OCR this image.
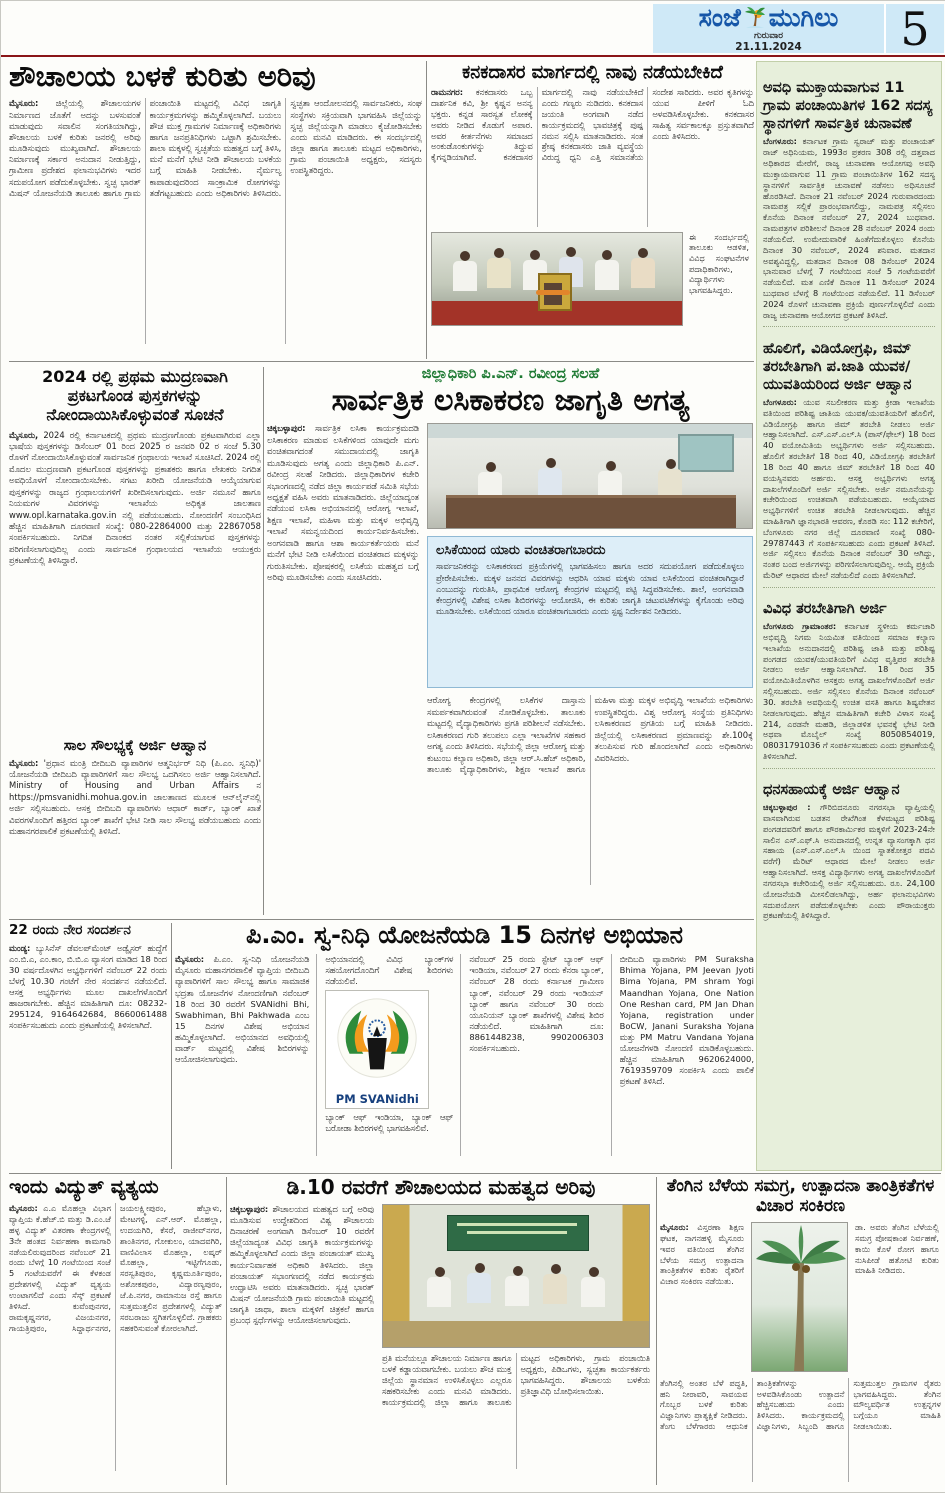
ಸಂಜೆ ಮುಗಿಲು
ಗುರುವಾರ
21.11.2024	5
ಶೌಚಾಲಯ ಬಳಕೆ ಕುರಿತು ಅರಿವು
ಮೈಸೂರು: ಜಿಲ್ಲೆಯಲ್ಲಿ ಶೌಚಾಲಯಗಳ ನಿರ್ಮಾಣದ ಜೊತೆಗೆ ಅದನ್ನು ಬಳಸುವಂತೆ ಮಾಡುವುದು ಸವಾಲಿನ ಸಂಗತಿಯಾಗಿದ್ದು, ಶೌಚಾಲಯ ಬಳಕೆ ಕುರಿತು ಜನರಲ್ಲಿ ಅರಿವು ಮೂಡಿಸುವುದು ಮುಖ್ಯವಾಗಿದೆ. ಶೌಚಾಲಯ ನಿರ್ಮಾಣಕ್ಕೆ ಸರ್ಕಾರ ಅನುದಾನ ನೀಡುತ್ತಿದ್ದು, ಗ್ರಾಮೀಣ ಪ್ರದೇಶದ ಫಲಾನುಭವಿಗಳು ಇದರ ಸದುಪಯೋಗ ಪಡೆದುಕೊಳ್ಳಬೇಕು. ಸ್ವಚ್ಛ ಭಾರತ್ ಮಿಷನ್ ಯೋಜನೆಯಡಿ ತಾಲೂಕು ಹಾಗೂ ಗ್ರಾಮ ಪಂಚಾಯಿತಿ ಮಟ್ಟದಲ್ಲಿ ವಿವಿಧ ಜಾಗೃತಿ ಕಾರ್ಯಕ್ರಮಗಳನ್ನು ಹಮ್ಮಿಕೊಳ್ಳಲಾಗಿದೆ. ಬಯಲು ಶೌಚ ಮುಕ್ತ ಗ್ರಾಮಗಳ ನಿರ್ಮಾಣಕ್ಕೆ ಅಧಿಕಾರಿಗಳು ಹಾಗೂ ಜನಪ್ರತಿನಿಧಿಗಳು ಒಟ್ಟಾಗಿ ಶ್ರಮಿಸಬೇಕು. ಶಾಲಾ ಮಕ್ಕಳಲ್ಲಿ ಸ್ವಚ್ಛತೆಯ ಮಹತ್ವದ ಬಗ್ಗೆ ತಿಳಿಸಿ, ಮನೆ ಮನೆಗೆ ಭೇಟಿ ನೀಡಿ ಶೌಚಾಲಯ ಬಳಕೆಯ ಬಗ್ಗೆ ಮಾಹಿತಿ ನೀಡಬೇಕು. ನೈರ್ಮಲ್ಯ ಕಾಪಾಡುವುದರಿಂದ ಸಾಂಕ್ರಾಮಿಕ ರೋಗಗಳನ್ನು ತಡೆಗಟ್ಟಬಹುದು ಎಂದು ಅಧಿಕಾರಿಗಳು ತಿಳಿಸಿದರು. ಸ್ವಚ್ಛತಾ ಆಂದೋಲನದಲ್ಲಿ ಸಾರ್ವಜನಿಕರು, ಸಂಘ ಸಂಸ್ಥೆಗಳು ಸಕ್ರಿಯವಾಗಿ ಭಾಗವಹಿಸಿ ಜಿಲ್ಲೆಯನ್ನು ಸ್ವಚ್ಛ ಜಿಲ್ಲೆಯನ್ನಾಗಿ ಮಾಡಲು ಕೈಜೋಡಿಸಬೇಕು ಎಂದು ಮನವಿ ಮಾಡಿದರು. ಈ ಸಂದರ್ಭದಲ್ಲಿ ಜಿಲ್ಲಾ ಹಾಗೂ ತಾಲೂಕು ಮಟ್ಟದ ಅಧಿಕಾರಿಗಳು, ಗ್ರಾಮ ಪಂಚಾಯಿತಿ ಅಧ್ಯಕ್ಷರು, ಸದಸ್ಯರು ಉಪಸ್ಥಿತರಿದ್ದರು.
ಕನಕದಾಸರ ಮಾರ್ಗದಲ್ಲಿ ನಾವು ನಡೆಯಬೇಕಿದೆ
ರಾಮನಗರ: ಕನಕದಾಸರು ಒಬ್ಬ ದಾರ್ಶನಿಕ ಕವಿ, ಶ್ರೀ ಕೃಷ್ಣನ ಅನನ್ಯ ಭಕ್ತರು. ಕನ್ನಡ ಸಾರಸ್ವತ ಲೋಕಕ್ಕೆ ಅವರು ನೀಡಿದ ಕೊಡುಗೆ ಅಪಾರ. ಅವರ ಕೀರ್ತನೆಗಳು ಸಮಾಜದ ಅಂಕುಡೊಂಕುಗಳನ್ನು ತಿದ್ದುವ ಕೈಗನ್ನಡಿಯಾಗಿವೆ. ಕನಕದಾಸರ ಮಾರ್ಗದಲ್ಲಿ ನಾವು ನಡೆಯಬೇಕಿದೆ ಎಂದು ಗಣ್ಯರು ನುಡಿದರು. ಕನಕದಾಸ ಜಯಂತಿ ಅಂಗವಾಗಿ ನಡೆದ ಕಾರ್ಯಕ್ರಮದಲ್ಲಿ ಭಾವಚಿತ್ರಕ್ಕೆ ಪುಷ್ಪ ನಮನ ಸಲ್ಲಿಸಿ ಮಾತನಾಡಿದರು. ಸಂತ ಶ್ರೇಷ್ಠ ಕನಕದಾಸರು ಜಾತಿ ವ್ಯವಸ್ಥೆಯ ವಿರುದ್ಧ ಧ್ವನಿ ಎತ್ತಿ ಸಮಾನತೆಯ ಸಂದೇಶ ಸಾರಿದರು. ಅವರ ಕೃತಿಗಳನ್ನು ಯುವ ಪೀಳಿಗೆ ಓದಿ ಅಳವಡಿಸಿಕೊಳ್ಳಬೇಕು. ಕನಕದಾಸರ ಸಾಹಿತ್ಯ ಸರ್ವಕಾಲಕ್ಕೂ ಪ್ರಸ್ತುತವಾಗಿದೆ ಎಂದು ತಿಳಿಸಿದರು.
ಈ ಸಂದರ್ಭದಲ್ಲಿ ತಾಲೂಕು ಆಡಳಿತ, ವಿವಿಧ ಸಂಘಟನೆಗಳ ಪದಾಧಿಕಾರಿಗಳು, ವಿದ್ಯಾರ್ಥಿಗಳು ಭಾಗವಹಿಸಿದ್ದರು.
2024 ರಲ್ಲಿ ಪ್ರಥಮ ಮುದ್ರಣವಾಗಿ ಪ್ರಕಟಗೊಂಡ ಪುಸ್ತಕಗಳನ್ನು ನೋಂದಾಯಿಸಿಕೊಳ್ಳುವಂತೆ ಸೂಚನೆ
ಮೈಸೂರು, 2024 ರಲ್ಲಿ ಕರ್ನಾಟಕದಲ್ಲಿ ಪ್ರಥಮ ಮುದ್ರಣಗೊಂಡು ಪ್ರಕಟವಾಗಿರುವ ಎಲ್ಲಾ ಭಾಷೆಯ ಪುಸ್ತಕಗಳನ್ನು ಡಿಸೆಂಬರ್ 01 ರಿಂದ 2025 ರ ಜನವರಿ 02 ರ ಸಂಜೆ 5.30 ರೊಳಗೆ ನೋಂದಾಯಿಸಿಕೊಳ್ಳುವಂತೆ ಸಾರ್ವಜನಿಕ ಗ್ರಂಥಾಲಯ ಇಲಾಖೆ ಸೂಚಿಸಿದೆ. 2024 ರಲ್ಲಿ ಮೊದಲ ಮುದ್ರಣವಾಗಿ ಪ್ರಕಟಗೊಂಡ ಪುಸ್ತಕಗಳನ್ನು ಪ್ರಕಾಶಕರು ಹಾಗೂ ಲೇಖಕರು ನಿಗದಿತ ಅವಧಿಯೊಳಗೆ ನೋಂದಾಯಿಸಬೇಕು. ಸಗಟು ಖರೀದಿ ಯೋಜನೆಯಡಿ ಆಯ್ಕೆಯಾಗುವ ಪುಸ್ತಕಗಳನ್ನು ರಾಜ್ಯದ ಗ್ರಂಥಾಲಯಗಳಿಗೆ ಖರೀದಿಸಲಾಗುವುದು. ಅರ್ಜಿ ನಮೂನೆ ಹಾಗೂ ನಿಯಮಗಳ ವಿವರಗಳನ್ನು ಇಲಾಖೆಯ ಅಧಿಕೃತ ಜಾಲತಾಣ www.opl.karnataka.gov.in ನಲ್ಲಿ ಪಡೆಯಬಹುದು. ನೋಂದಣಿಗೆ ಸಂಬಂಧಿಸಿದ ಹೆಚ್ಚಿನ ಮಾಹಿತಿಗಾಗಿ ದೂರವಾಣಿ ಸಂಖ್ಯೆ: 080-22864000 ಮತ್ತು 22867058 ಸಂಪರ್ಕಿಸಬಹುದು. ನಿಗದಿತ ದಿನಾಂಕದ ನಂತರ ಸಲ್ಲಿಕೆಯಾಗುವ ಪುಸ್ತಕಗಳನ್ನು ಪರಿಗಣಿಸಲಾಗುವುದಿಲ್ಲ ಎಂದು ಸಾರ್ವಜನಿಕ ಗ್ರಂಥಾಲಯದ ಇಲಾಖೆಯ ಆಯುಕ್ತರು ಪ್ರಕಟಣೆಯಲ್ಲಿ ತಿಳಿಸಿದ್ದಾರೆ.
ಸಾಲ ಸೌಲಭ್ಯಕ್ಕೆ ಅರ್ಜಿ ಆಹ್ವಾನ
ಮೈಸೂರು: 'ಪ್ರಧಾನ ಮಂತ್ರಿ ಬೀದಿಬದಿ ವ್ಯಾಪಾರಿಗಳ ಆತ್ಮನಿರ್ಭರ್ ನಿಧಿ (ಪಿ.ಎಂ. ಸ್ವನಿಧಿ)' ಯೋಜನೆಯಡಿ ಬೀದಿಬದಿ ವ್ಯಾಪಾರಿಗಳಿಗೆ ಸಾಲ ಸೌಲಭ್ಯ ಒದಗಿಸಲು ಅರ್ಜಿ ಆಹ್ವಾನಿಸಲಾಗಿದೆ. Ministry of Housing and Urban Affairs ನ https://pmsvanidhi.mohua.gov.in ಜಾಲತಾಣದ ಮೂಲಕ ಆನ್‌ಲೈನ್‌ನಲ್ಲಿ ಅರ್ಜಿ ಸಲ್ಲಿಸಬಹುದು. ಆಸಕ್ತ ಬೀದಿಬದಿ ವ್ಯಾಪಾರಿಗಳು ಆಧಾರ್ ಕಾರ್ಡ್, ಬ್ಯಾಂಕ್ ಖಾತೆ ವಿವರಗಳೊಂದಿಗೆ ಹತ್ತಿರದ ಬ್ಯಾಂಕ್ ಶಾಖೆಗೆ ಭೇಟಿ ನೀಡಿ ಸಾಲ ಸೌಲಭ್ಯ ಪಡೆಯಬಹುದು ಎಂದು ಮಹಾನಗರಪಾಲಿಕೆ ಪ್ರಕಟಣೆಯಲ್ಲಿ ತಿಳಿಸಿದೆ.
ಜಿಲ್ಲಾಧಿಕಾರಿ ಪಿ.ಎನ್. ರವೀಂದ್ರ ಸಲಹೆ
ಸಾರ್ವತ್ರಿಕ ಲಸಿಕಾಕರಣ ಜಾಗೃತಿ ಅಗತ್ಯ
ಚಿಕ್ಕಬಳ್ಳಾಪುರ: ಸಾರ್ವತ್ರಿಕ ಲಸಿಕಾ ಕಾರ್ಯಕ್ರಮದಡಿ ಲಸಿಕಾಕರಣ ಮಾಡುವ ಲಸಿಕೆಗಳಿಂದ ಯಾವುದೇ ಮಗು ವಂಚಿತವಾಗದಂತೆ ಸಮುದಾಯದಲ್ಲಿ ಜಾಗೃತಿ ಮೂಡಿಸುವುದು ಅಗತ್ಯ ಎಂದು ಜಿಲ್ಲಾಧಿಕಾರಿ ಪಿ.ಎನ್. ರವೀಂದ್ರ ಸಲಹೆ ನೀಡಿದರು. ಜಿಲ್ಲಾಧಿಕಾರಿಗಳ ಕಚೇರಿ ಸಭಾಂಗಣದಲ್ಲಿ ನಡೆದ ಜಿಲ್ಲಾ ಕಾರ್ಯಪಡೆ ಸಮಿತಿ ಸಭೆಯ ಅಧ್ಯಕ್ಷತೆ ವಹಿಸಿ ಅವರು ಮಾತನಾಡಿದರು. ಜಿಲ್ಲೆಯಾದ್ಯಂತ ನಡೆಯುವ ಲಸಿಕಾ ಅಭಿಯಾನದಲ್ಲಿ ಆರೋಗ್ಯ ಇಲಾಖೆ, ಶಿಕ್ಷಣ ಇಲಾಖೆ, ಮಹಿಳಾ ಮತ್ತು ಮಕ್ಕಳ ಅಭಿವೃದ್ಧಿ ಇಲಾಖೆ ಸಮನ್ವಯದಿಂದ ಕಾರ್ಯನಿರ್ವಹಿಸಬೇಕು. ಅಂಗನವಾಡಿ ಹಾಗೂ ಆಶಾ ಕಾರ್ಯಕರ್ತೆಯರು ಮನೆ ಮನೆಗೆ ಭೇಟಿ ನೀಡಿ ಲಸಿಕೆಯಿಂದ ವಂಚಿತರಾದ ಮಕ್ಕಳನ್ನು ಗುರುತಿಸಬೇಕು. ಪೋಷಕರಲ್ಲಿ ಲಸಿಕೆಯ ಮಹತ್ವದ ಬಗ್ಗೆ ಅರಿವು ಮೂಡಿಸಬೇಕು ಎಂದು ಸೂಚಿಸಿದರು.
ಲಸಿಕೆಯಿಂದ ಯಾರು ವಂಚಿತರಾಗಬಾರದು
ಸಾರ್ವಜನಿಕರನ್ನು ಲಸಿಕಾಕರಣದ ಪ್ರಕ್ರಿಯೆಗಳಲ್ಲಿ ಭಾಗವಹಿಸಲು ಹಾಗೂ ಅದರ ಸದುಪಯೋಗ ಪಡೆದುಕೊಳ್ಳಲು ಪ್ರೇರೇಪಿಸಬೇಕು. ಮಕ್ಕಳ ಜನನದ ವಿವರಗಳನ್ನು ಆಧರಿಸಿ ಯಾವ ಮಕ್ಕಳು ಯಾವ ಲಸಿಕೆಯಿಂದ ವಂಚಿತರಾಗಿದ್ದಾರೆ ಎಂಬುದನ್ನು ಗುರುತಿಸಿ, ಪ್ರಾಥಮಿಕ ಆರೋಗ್ಯ ಕೇಂದ್ರಗಳ ಮಟ್ಟದಲ್ಲಿ ಪಟ್ಟಿ ಸಿದ್ಧಪಡಿಸಬೇಕು. ಶಾಲೆ, ಅಂಗನವಾಡಿ ಕೇಂದ್ರಗಳಲ್ಲಿ ವಿಶೇಷ ಲಸಿಕಾ ಶಿಬಿರಗಳನ್ನು ಆಯೋಜಿಸಿ, ಈ ಕುರಿತು ಜಾಗೃತಿ ಚಟುವಟಿಕೆಗಳನ್ನು ಕೈಗೊಂಡು ಅರಿವು ಮೂಡಿಸಬೇಕು. ಲಸಿಕೆಯಿಂದ ಯಾರೂ ವಂಚಿತರಾಗಬಾರದು ಎಂದು ಸ್ಪಷ್ಟ ನಿರ್ದೇಶನ ನೀಡಿದರು.
ಆರೋಗ್ಯ ಕೇಂದ್ರಗಳಲ್ಲಿ ಲಸಿಕೆಗಳ ದಾಸ್ತಾನು ಸಮರ್ಪಕವಾಗಿರುವಂತೆ ನೋಡಿಕೊಳ್ಳಬೇಕು. ತಾಲೂಕು ಮಟ್ಟದಲ್ಲಿ ವೈದ್ಯಾಧಿಕಾರಿಗಳು ಪ್ರಗತಿ ಪರಿಶೀಲನೆ ನಡೆಸಬೇಕು. ಲಸಿಕಾಕರಣದ ಗುರಿ ತಲುಪಲು ಎಲ್ಲಾ ಇಲಾಖೆಗಳ ಸಹಕಾರ ಅಗತ್ಯ ಎಂದು ತಿಳಿಸಿದರು. ಸಭೆಯಲ್ಲಿ ಜಿಲ್ಲಾ ಆರೋಗ್ಯ ಮತ್ತು ಕುಟುಂಬ ಕಲ್ಯಾಣ ಅಧಿಕಾರಿ, ಜಿಲ್ಲಾ ಆರ್.ಸಿ.ಹೆಚ್ ಅಧಿಕಾರಿ, ತಾಲೂಕು ವೈದ್ಯಾಧಿಕಾರಿಗಳು, ಶಿಕ್ಷಣ ಇಲಾಖೆ ಹಾಗೂ ಮಹಿಳಾ ಮತ್ತು ಮಕ್ಕಳ ಅಭಿವೃದ್ಧಿ ಇಲಾಖೆಯ ಅಧಿಕಾರಿಗಳು ಉಪಸ್ಥಿತರಿದ್ದರು. ವಿಶ್ವ ಆರೋಗ್ಯ ಸಂಸ್ಥೆಯ ಪ್ರತಿನಿಧಿಗಳು ಲಸಿಕಾಕರಣದ ಪ್ರಗತಿಯ ಬಗ್ಗೆ ಮಾಹಿತಿ ನೀಡಿದರು. ಜಿಲ್ಲೆಯಲ್ಲಿ ಲಸಿಕಾಕರಣದ ಪ್ರಮಾಣವನ್ನು ಶೇ.100ಕ್ಕೆ ತಲುಪಿಸುವ ಗುರಿ ಹೊಂದಲಾಗಿದೆ ಎಂದು ಅಧಿಕಾರಿಗಳು ವಿವರಿಸಿದರು.
22 ರಂದು ನೇರ ಸಂದರ್ಶನ
ಮಂಡ್ಯ: ಬ್ಯುಸಿನೆಸ್ ಡೆವಲಪ್‌ಮೆಂಟ್ ಅಡ್ವೈಸರ್ ಹುದ್ದೆಗೆ ಎಂ.ಬಿ.ಎ, ಎಂ.ಕಾಂ, ಬಿ.ಬಿ.ಎ ವ್ಯಾಸಂಗ ಮಾಡಿದ 18 ರಿಂದ 30 ವರ್ಷದೊಳಗಿನ ಅಭ್ಯರ್ಥಿಗಳಿಗೆ ನವೆಂಬರ್ 22 ರಂದು ಬೆಳಗ್ಗೆ 10.30 ಗಂಟೆಗೆ ನೇರ ಸಂದರ್ಶನ ನಡೆಯಲಿದೆ. ಆಸಕ್ತ ಅಭ್ಯರ್ಥಿಗಳು ಮೂಲ ದಾಖಲೆಗಳೊಂದಿಗೆ ಹಾಜರಾಗಬೇಕು. ಹೆಚ್ಚಿನ ಮಾಹಿತಿಗಾಗಿ ದೂ: 08232-295124, 9164642684, 8660061488 ಸಂಪರ್ಕಿಸಬಹುದು ಎಂದು ಪ್ರಕಟಣೆಯಲ್ಲಿ ತಿಳಿಸಲಾಗಿದೆ.
ಪಿ.ಎಂ. ಸ್ವ-ನಿಧಿ ಯೋಜನೆಯಡಿ 15 ದಿನಗಳ ಅಭಿಯಾನ
ಮೈಸೂರು: ಪಿ.ಎಂ. ಸ್ವ-ನಿಧಿ ಯೋಜನೆಯಡಿ ಮೈಸೂರು ಮಹಾನಗರಪಾಲಿಕೆ ವ್ಯಾಪ್ತಿಯ ಬೀದಿಬದಿ ವ್ಯಾಪಾರಿಗಳಿಗೆ ಸಾಲ ಸೌಲಭ್ಯ ಹಾಗೂ ಸಾಮಾಜಿಕ ಭದ್ರತಾ ಯೋಜನೆಗಳ ನೋಂದಣಿಗಾಗಿ ನವೆಂಬರ್ 18 ರಿಂದ 30 ರವರೆಗೆ SVANidhi Bhi, Swabhiman, Bhi Pakhwada ಎಂಬ 15 ದಿನಗಳ ವಿಶೇಷ ಅಭಿಯಾನ ಹಮ್ಮಿಕೊಳ್ಳಲಾಗಿದೆ. ಅಭಿಯಾನದ ಅವಧಿಯಲ್ಲಿ ವಾರ್ಡ್ ಮಟ್ಟದಲ್ಲಿ ವಿಶೇಷ ಶಿಬಿರಗಳನ್ನು ಆಯೋಜಿಸಲಾಗುವುದು.
ಅಭಿಯಾನದಲ್ಲಿ ವಿವಿಧ ಬ್ಯಾಂಕ್‌ಗಳ ಸಹಯೋಗದೊಂದಿಗೆ ವಿಶೇಷ ಶಿಬಿರಗಳು ನಡೆಯಲಿವೆ.
PM SVANidhi
ಬ್ಯಾಂಕ್ ಆಫ್ ಇಂಡಿಯಾ, ಬ್ಯಾಂಕ್ ಆಫ್ ಬರೋಡಾ ಶಿಬಿರಗಳಲ್ಲಿ ಭಾಗವಹಿಸಲಿವೆ.
ನವೆಂಬರ್ 25 ರಂದು ಸ್ಟೇಟ್ ಬ್ಯಾಂಕ್ ಆಫ್ ಇಂಡಿಯಾ, ನವೆಂಬರ್ 27 ರಂದು ಕೆನರಾ ಬ್ಯಾಂಕ್, ನವೆಂಬರ್ 28 ರಂದು ಕರ್ನಾಟಕ ಗ್ರಾಮೀಣ ಬ್ಯಾಂಕ್, ನವೆಂಬರ್ 29 ರಂದು ಇಂಡಿಯನ್ ಬ್ಯಾಂಕ್ ಹಾಗೂ ನವೆಂಬರ್ 30 ರಂದು ಯೂನಿಯನ್ ಬ್ಯಾಂಕ್ ಶಾಖೆಗಳಲ್ಲಿ ವಿಶೇಷ ಶಿಬಿರ ನಡೆಯಲಿದೆ. ಮಾಹಿತಿಗಾಗಿ ದೂ: 8861448238, 9902006303 ಸಂಪರ್ಕಿಸಬಹುದು.
ಬೀದಿಬದಿ ವ್ಯಾಪಾರಿಗಳು PM Suraksha Bhima Yojana, PM Jeevan Jyoti Bima Yojana, PM shram Yogi Maandhan Yojana, One Nation One Reshan card, PM Jan Dhan Yojana, registration under BoCW, Janani Suraksha Yojana ಮತ್ತು PM Matru Vandana Yojana ಯೋಜನೆಗಳಡಿ ನೋಂದಣಿ ಮಾಡಿಕೊಳ್ಳಬಹುದು. ಹೆಚ್ಚಿನ ಮಾಹಿತಿಗಾಗಿ 9620624000, 7619359709 ಸಂಪರ್ಕಿಸಿ ಎಂದು ಪಾಲಿಕೆ ಪ್ರಕಟಣೆ ತಿಳಿಸಿದೆ.
ಅವಧಿ ಮುಕ್ತಾಯವಾಗುವ 11 ಗ್ರಾಮ ಪಂಚಾಯಿತಿಗಳ 162 ಸದಸ್ಯ ಸ್ಥಾನಗಳಿಗೆ ಸಾರ್ವತ್ರಿಕ ಚುನಾವಣೆ
ಬೆಂಗಳೂರು: ಕರ್ನಾಟಕ ಗ್ರಾಮ ಸ್ವರಾಜ್ ಮತ್ತು ಪಂಚಾಯತ್ ರಾಜ್ ಅಧಿನಿಯಮ, 1993ರ ಪ್ರಕರಣ 308 ರಲ್ಲಿ ದತ್ತವಾದ ಅಧಿಕಾರದ ಮೇರೆಗೆ, ರಾಜ್ಯ ಚುನಾವಣಾ ಆಯೋಗವು ಅವಧಿ ಮುಕ್ತಾಯವಾಗುವ 11 ಗ್ರಾಮ ಪಂಚಾಯಿತಿಗಳ 162 ಸದಸ್ಯ ಸ್ಥಾನಗಳಿಗೆ ಸಾರ್ವತ್ರಿಕ ಚುನಾವಣೆ ನಡೆಸಲು ಅಧಿಸೂಚನೆ ಹೊರಡಿಸಿದೆ. ದಿನಾಂಕ 21 ನವೆಂಬರ್ 2024 ಗುರುವಾರದಂದು ನಾಮಪತ್ರ ಸಲ್ಲಿಕೆ ಪ್ರಾರಂಭವಾಗಲಿದ್ದು, ನಾಮಪತ್ರ ಸಲ್ಲಿಸಲು ಕೊನೆಯ ದಿನಾಂಕ ನವೆಂಬರ್ 27, 2024 ಬುಧವಾರ. ನಾಮಪತ್ರಗಳ ಪರಿಶೀಲನೆ ದಿನಾಂಕ 28 ನವೆಂಬರ್ 2024 ರಂದು ನಡೆಯಲಿದೆ. ಉಮೇದುವಾರಿಕೆ ಹಿಂತೆಗೆದುಕೊಳ್ಳಲು ಕೊನೆಯ ದಿನಾಂಕ 30 ನವೆಂಬರ್, 2024 ಶನಿವಾರ. ಮತದಾನ ಅವಶ್ಯವಿದ್ದಲ್ಲಿ, ಮತದಾನ ದಿನಾಂಕ 08 ಡಿಸೆಂಬರ್ 2024 ಭಾನುವಾರ ಬೆಳಗ್ಗೆ 7 ಗಂಟೆಯಿಂದ ಸಂಜೆ 5 ಗಂಟೆಯವರೆಗೆ ನಡೆಯಲಿದೆ. ಮತ ಎಣಿಕೆ ದಿನಾಂಕ 11 ಡಿಸೆಂಬರ್ 2024 ಬುಧವಾರ ಬೆಳಗ್ಗೆ 8 ಗಂಟೆಯಿಂದ ನಡೆಯಲಿದೆ. 11 ಡಿಸೆಂಬರ್ 2024 ರೊಳಗೆ ಚುನಾವಣಾ ಪ್ರಕ್ರಿಯೆ ಪೂರ್ಣಗೊಳ್ಳಲಿದೆ ಎಂದು ರಾಜ್ಯ ಚುನಾವಣಾ ಆಯೋಗದ ಪ್ರಕಟಣೆ ತಿಳಿಸಿದೆ.
ಹೊಲಿಗೆ, ವಿಡಿಯೋಗ್ರಫಿ, ಜಿಮ್ ತರಬೇತಿಗಾಗಿ ಪ.ಜಾತಿ ಯುವಕ/ಯುವತಿಯರಿಂದ ಅರ್ಜಿ ಆಹ್ವಾನ
ಬೆಂಗಳೂರು: ಯುವ ಸಬಲೀಕರಣ ಮತ್ತು ಕ್ರೀಡಾ ಇಲಾಖೆಯ ವತಿಯಿಂದ ಪರಿಶಿಷ್ಟ ಜಾತಿಯ ಯುವಕ/ಯುವತಿಯರಿಗೆ ಹೊಲಿಗೆ, ವಿಡಿಯೋಗ್ರಫಿ ಹಾಗೂ ಜಿಮ್ ತರಬೇತಿ ನೀಡಲು ಅರ್ಜಿ ಆಹ್ವಾನಿಸಲಾಗಿದೆ. ಎಸ್.ಎಸ್.ಎಲ್.ಸಿ (ಪಾಸ್/ಫೇಲ್) 18 ರಿಂದ 40 ವಯೋಮಿತಿಯ ಅಭ್ಯರ್ಥಿಗಳು ಅರ್ಜಿ ಸಲ್ಲಿಸಬಹುದು. ಹೊಲಿಗೆ ತರಬೇತಿಗೆ 18 ರಿಂದ 40, ವಿಡಿಯೋಗ್ರಫಿ ತರಬೇತಿಗೆ 18 ರಿಂದ 40 ಹಾಗೂ ಜಿಮ್ ತರಬೇತಿಗೆ 18 ರಿಂದ 40 ವಯಸ್ಸಿನವರು ಅರ್ಹರು. ಆಸಕ್ತ ಅಭ್ಯರ್ಥಿಗಳು ಅಗತ್ಯ ದಾಖಲೆಗಳೊಂದಿಗೆ ಅರ್ಜಿ ಸಲ್ಲಿಸಬೇಕು. ಅರ್ಜಿ ನಮೂನೆಯನ್ನು ಕಚೇರಿಯಿಂದ ಉಚಿತವಾಗಿ ಪಡೆಯಬಹುದು. ಆಯ್ಕೆಯಾದ ಅಭ್ಯರ್ಥಿಗಳಿಗೆ ಉಚಿತ ತರಬೇತಿ ನೀಡಲಾಗುವುದು. ಹೆಚ್ಚಿನ ಮಾಹಿತಿಗಾಗಿ ಜ್ಞಾನಭಾರತಿ ಆವರಣ, ಕೊಠಡಿ ಸಂ: 112 ಕಚೇರಿಗೆ, ಬೆಂಗಳೂರು ನಗರ ಜಿಲ್ಲೆ ದೂರವಾಣಿ ಸಂಖ್ಯೆ 080-29787443 ಗೆ ಸಂಪರ್ಕಿಸಬಹುದು ಎಂದು ಪ್ರಕಟಣೆ ತಿಳಿಸಿದೆ. ಅರ್ಜಿ ಸಲ್ಲಿಸಲು ಕೊನೆಯ ದಿನಾಂಕ ನವೆಂಬರ್ 30 ಆಗಿದ್ದು, ನಂತರ ಬಂದ ಅರ್ಜಿಗಳನ್ನು ಪರಿಗಣಿಸಲಾಗುವುದಿಲ್ಲ. ಆಯ್ಕೆ ಪ್ರಕ್ರಿಯೆ ಮೆರಿಟ್ ಆಧಾರದ ಮೇಲೆ ನಡೆಯಲಿದೆ ಎಂದು ತಿಳಿಸಲಾಗಿದೆ.
ವಿವಿಧ ತರಬೇತಿಗಾಗಿ ಅರ್ಜಿ
ಬೆಂಗಳೂರು ಗ್ರಾಮಾಂತರ: ಕರ್ನಾಟಕ ಸ್ಥಳೀಯ ಕರ್ಮಚಾರಿ ಅಭಿವೃದ್ಧಿ ನಿಗಮ ನಿಯಮಿತ ವತಿಯಿಂದ ಸಮಾಜ ಕಲ್ಯಾಣ ಇಲಾಖೆಯ ಅನುದಾನದಲ್ಲಿ ಪರಿಶಿಷ್ಟ ಜಾತಿ ಮತ್ತು ಪರಿಶಿಷ್ಟ ಪಂಗಡದ ಯುವಕ/ಯುವತಿಯರಿಗೆ ವಿವಿಧ ವೃತ್ತಿಪರ ತರಬೇತಿ ನೀಡಲು ಅರ್ಜಿ ಆಹ್ವಾನಿಸಲಾಗಿದೆ. 18 ರಿಂದ 35 ವಯೋಮಿತಿಯೊಳಗಿನ ಆಸಕ್ತರು ಅಗತ್ಯ ದಾಖಲೆಗಳೊಂದಿಗೆ ಅರ್ಜಿ ಸಲ್ಲಿಸಬಹುದು. ಅರ್ಜಿ ಸಲ್ಲಿಸಲು ಕೊನೆಯ ದಿನಾಂಕ ನವೆಂಬರ್ 30. ತರಬೇತಿ ಅವಧಿಯಲ್ಲಿ ಉಚಿತ ವಸತಿ ಹಾಗೂ ಶಿಷ್ಯವೇತನ ನೀಡಲಾಗುವುದು. ಹೆಚ್ಚಿನ ಮಾಹಿತಿಗಾಗಿ ಕಚೇರಿ ವಿಳಾಸ ಸಂಖ್ಯೆ 214, ಎರಡನೇ ಮಹಡಿ, ಜಿಲ್ಲಾಡಳಿತ ಭವನಕ್ಕೆ ಭೇಟಿ ನೀಡಿ ಅಥವಾ ಮೊಬೈಲ್ ಸಂಖ್ಯೆ 8050854019, 08031791036 ಗೆ ಸಂಪರ್ಕಿಸಬಹುದು ಎಂದು ಪ್ರಕಟಣೆಯಲ್ಲಿ ತಿಳಿಸಲಾಗಿದೆ.
ಧನಸಹಾಯಕ್ಕೆ ಅರ್ಜಿ ಆಹ್ವಾನ
ಚಿಕ್ಕಬಳ್ಳಾಪುರ : ಗೌರಿಬಿದನೂರು ನಗರಸಭಾ ವ್ಯಾಪ್ತಿಯಲ್ಲಿ ವಾಸವಾಗಿರುವ ಬಡತನ ರೇಖೆಗಿಂತ ಕೆಳಮಟ್ಟದ ಪರಿಶಿಷ್ಟ ಪಂಗಡದವರಿಗೆ ಹಾಗೂ ಪೌರಕಾರ್ಮಿಕರ ಮಕ್ಕಳಿಗೆ 2023-24ನೇ ಸಾಲಿನ ಎಸ್.ಎಫ್.ಸಿ ಅನುದಾನದಲ್ಲಿ ಉನ್ನತ ವ್ಯಾಸಂಗಕ್ಕಾಗಿ ಧನ ಸಹಾಯ (ಎಸ್.ಎಸ್.ಎಲ್.ಸಿ ಯಿಂದ ಸ್ನಾತಕೋತ್ತರ ಪದವಿ ವರೆಗೆ) ಮೆರಿಟ್ ಆಧಾರದ ಮೇಲೆ ನೀಡಲು ಅರ್ಜಿ ಆಹ್ವಾನಿಸಲಾಗಿದೆ. ಆಸಕ್ತ ವಿದ್ಯಾರ್ಥಿಗಳು ಅಗತ್ಯ ದಾಖಲೆಗಳೊಂದಿಗೆ ನಗರಸಭಾ ಕಚೇರಿಯಲ್ಲಿ ಅರ್ಜಿ ಸಲ್ಲಿಸಬಹುದು. ರೂ. 24,100 ಯೋಜನೆಯಡಿ ಮೀಸಲಿಡಲಾಗಿದ್ದು, ಅರ್ಹ ಫಲಾನುಭವಿಗಳು ಸದುಪಯೋಗ ಪಡೆದುಕೊಳ್ಳಬೇಕು ಎಂದು ಪೌರಾಯುಕ್ತರು ಪ್ರಕಟಣೆಯಲ್ಲಿ ತಿಳಿಸಿದ್ದಾರೆ.
ಇಂದು ವಿದ್ಯುತ್ ವ್ಯತ್ಯಯ
ಮೈಸೂರು: ಎ.ಎ ಮೊಹಲ್ಲಾ ವಿಭಾಗ ವ್ಯಾಪ್ತಿಯ ಕೆ.ಹೆಚ್.ಬಿ ಮತ್ತು ಡಿ.ಎಂ.ಜೆ ಹಳ್ಳ ವಿದ್ಯುತ್ ವಿತರಣಾ ಕೇಂದ್ರಗಳಲ್ಲಿ 3ನೇ ಹಂತದ ನಿರ್ವಹಣಾ ಕಾಮಗಾರಿ ನಡೆಯಲಿರುವುದರಿಂದ ನವೆಂಬರ್ 21 ರಂದು ಬೆಳಗ್ಗೆ 10 ಗಂಟೆಯಿಂದ ಸಂಜೆ 5 ಗಂಟೆಯವರೆಗೆ ಈ ಕೆಳಕಂಡ ಪ್ರದೇಶಗಳಲ್ಲಿ ವಿದ್ಯುತ್ ವ್ಯತ್ಯಯ ಉಂಟಾಗಲಿದೆ ಎಂದು ಸೆಸ್ಕ್ ಪ್ರಕಟಣೆ ತಿಳಿಸಿದೆ. ಕುವೆಂಪುನಗರ, ರಾಮಕೃಷ್ಣನಗರ, ವಿಜಯನಗರ, ಗಾಯತ್ರಿಪುರಂ, ಸಿದ್ದಾರ್ಥನಗರ, ಜಯಲಕ್ಷ್ಮೀಪುರಂ, ಹೆಬ್ಬಾಳು, ಮೇಟಗಳ್ಳಿ, ಎನ್.ಆರ್. ಮೊಹಲ್ಲಾ, ಉದಯಗಿರಿ, ಕೆಸರೆ, ರಾಜೀವ್‌ನಗರ, ಶಾಂತಿನಗರ, ಗೋಕುಲಂ, ಯಾದವಗಿರಿ, ವಾಣಿವಿಲಾಸ ಮೊಹಲ್ಲಾ, ಲಷ್ಕರ್ ಮೊಹಲ್ಲಾ, ಇಟ್ಟಿಗೆಗೂಡು, ಸರಸ್ವತಿಪುರಂ, ಕೃಷ್ಣಮೂರ್ತಿಪುರಂ, ಅಶೋಕಪುರಂ, ವಿದ್ಯಾರಣ್ಯಪುರಂ, ಜೆ.ಪಿ.ನಗರ, ರಾಮಾನುಜ ರಸ್ತೆ ಹಾಗೂ ಸುತ್ತಮುತ್ತಲಿನ ಪ್ರದೇಶಗಳಲ್ಲಿ ವಿದ್ಯುತ್ ಸರಬರಾಜು ಸ್ಥಗಿತಗೊಳ್ಳಲಿದೆ. ಗ್ರಾಹಕರು ಸಹಕರಿಸುವಂತೆ ಕೋರಲಾಗಿದೆ.
ಡಿ.10 ರವರೆಗೆ ಶೌಚಾಲಯದ ಮಹತ್ವದ ಅರಿವು
ಚಿಕ್ಕಬಳ್ಳಾಪುರ: ಶೌಚಾಲಯದ ಮಹತ್ವದ ಬಗ್ಗೆ ಅರಿವು ಮೂಡಿಸುವ ಉದ್ದೇಶದಿಂದ ವಿಶ್ವ ಶೌಚಾಲಯ ದಿನಾಚರಣೆ ಅಂಗವಾಗಿ ಡಿಸೆಂಬರ್ 10 ರವರೆಗೆ ಜಿಲ್ಲೆಯಾದ್ಯಂತ ವಿವಿಧ ಜಾಗೃತಿ ಕಾರ್ಯಕ್ರಮಗಳನ್ನು ಹಮ್ಮಿಕೊಳ್ಳಲಾಗಿದೆ ಎಂದು ಜಿಲ್ಲಾ ಪಂಚಾಯತ್ ಮುಖ್ಯ ಕಾರ್ಯನಿರ್ವಾಹಕ ಅಧಿಕಾರಿ ತಿಳಿಸಿದರು. ಜಿಲ್ಲಾ ಪಂಚಾಯತ್ ಸಭಾಂಗಣದಲ್ಲಿ ನಡೆದ ಕಾರ್ಯಕ್ರಮ ಉದ್ಘಾಟಿಸಿ ಅವರು ಮಾತನಾಡಿದರು. ಸ್ವಚ್ಛ ಭಾರತ್ ಮಿಷನ್ ಯೋಜನೆಯಡಿ ಗ್ರಾಮ ಪಂಚಾಯಿತಿ ಮಟ್ಟದಲ್ಲಿ ಜಾಗೃತಿ ಜಾಥಾ, ಶಾಲಾ ಮಕ್ಕಳಿಗೆ ಚಿತ್ರಕಲೆ ಹಾಗೂ ಪ್ರಬಂಧ ಸ್ಪರ್ಧೆಗಳನ್ನು ಆಯೋಜಿಸಲಾಗುವುದು.
ಪ್ರತಿ ಮನೆಯಲ್ಲೂ ಶೌಚಾಲಯ ನಿರ್ಮಾಣ ಹಾಗೂ ಬಳಕೆ ಕಡ್ಡಾಯವಾಗಬೇಕು. ಬಯಲು ಶೌಚ ಮುಕ್ತ ಜಿಲ್ಲೆಯ ಸ್ಥಾನಮಾನ ಉಳಿಸಿಕೊಳ್ಳಲು ಎಲ್ಲರೂ ಸಹಕರಿಸಬೇಕು ಎಂದು ಮನವಿ ಮಾಡಿದರು. ಕಾರ್ಯಕ್ರಮದಲ್ಲಿ ಜಿಲ್ಲಾ ಹಾಗೂ ತಾಲೂಕು ಮಟ್ಟದ ಅಧಿಕಾರಿಗಳು, ಗ್ರಾಮ ಪಂಚಾಯಿತಿ ಅಧ್ಯಕ್ಷರು, ಪಿಡಿಒಗಳು, ಸ್ವಚ್ಛತಾ ಕಾರ್ಯಕರ್ತರು ಭಾಗವಹಿಸಿದ್ದರು. ಶೌಚಾಲಯ ಬಳಕೆಯ ಪ್ರತಿಜ್ಞಾವಿಧಿ ಬೋಧಿಸಲಾಯಿತು.
ತೆಂಗಿನ ಬೆಳೆಯ ಸಮಗ್ರ, ಉತ್ಪಾದನಾ ತಾಂತ್ರಿಕತೆಗಳ ವಿಚಾರ ಸಂಕಿರಣ
ಮೈಸೂರು: ವಿಸ್ತರಣಾ ಶಿಕ್ಷಣ ಘಟಕ, ನಾಗನಹಳ್ಳಿ ಮೈಸೂರು ಇವರ ವತಿಯಿಂದ ತೆಂಗಿನ ಬೆಳೆಯ ಸಮಗ್ರ ಉತ್ಪಾದನಾ ತಾಂತ್ರಿಕತೆಗಳ ಕುರಿತು ರೈತರಿಗೆ ವಿಚಾರ ಸಂಕಿರಣ ನಡೆಯಿತು.
ಡಾ. ಅವರು ತೆಂಗಿನ ಬೆಳೆಯಲ್ಲಿ ಸಮಗ್ರ ಪೋಷಕಾಂಶ ನಿರ್ವಹಣೆ, ಕಾಯಿ ಕೊಳೆ ರೋಗ ಹಾಗೂ ನುಸಿಪೀಡೆ ಹತೋಟಿ ಕುರಿತು ಮಾಹಿತಿ ನೀಡಿದರು.
ತೆಂಗಿನಲ್ಲಿ ಅಂತರ ಬೆಳೆ ಪದ್ಧತಿ, ಹನಿ ನೀರಾವರಿ, ಸಾವಯವ ಗೊಬ್ಬರ ಬಳಕೆ ಕುರಿತು ವಿಜ್ಞಾನಿಗಳು ಪ್ರಾತ್ಯಕ್ಷಿಕೆ ನೀಡಿದರು. ತೆಂಗು ಬೆಳೆಗಾರರು ಆಧುನಿಕ ತಾಂತ್ರಿಕತೆಗಳನ್ನು ಅಳವಡಿಸಿಕೊಂಡು ಉತ್ಪಾದನೆ ಹೆಚ್ಚಿಸಬಹುದು ಎಂದು ತಿಳಿಸಿದರು. ಕಾರ್ಯಕ್ರಮದಲ್ಲಿ ವಿಜ್ಞಾನಿಗಳು, ಸಿಬ್ಬಂದಿ ಹಾಗೂ ಸುತ್ತಮುತ್ತಲ ಗ್ರಾಮಗಳ ರೈತರು ಭಾಗವಹಿಸಿದ್ದರು. ತೆಂಗಿನ ಮೌಲ್ಯವರ್ಧಿತ ಉತ್ಪನ್ನಗಳ ಬಗ್ಗೆಯೂ ಮಾಹಿತಿ ನೀಡಲಾಯಿತು.
